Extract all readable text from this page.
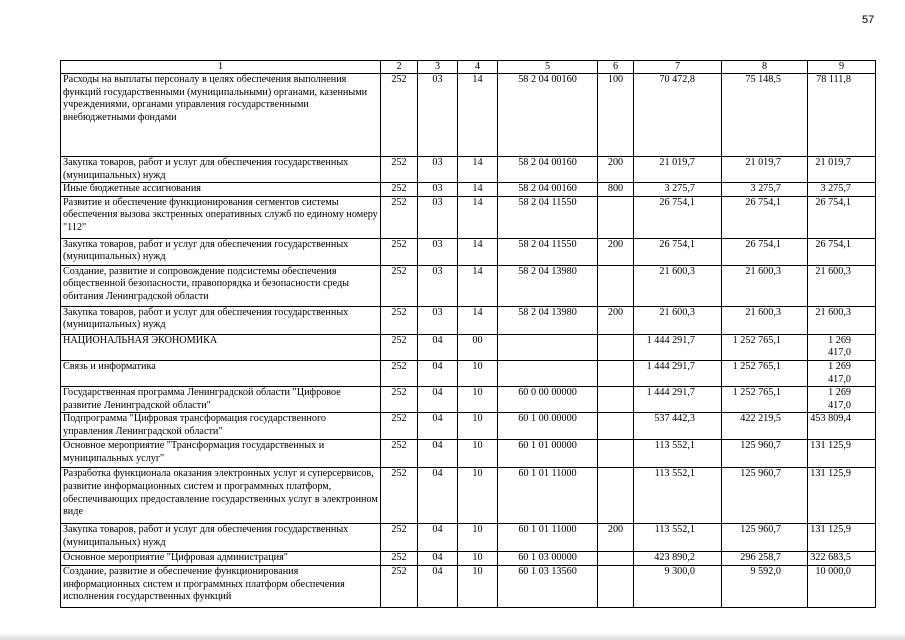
57
1	2	3	4	5	6	7	8	9
Расходы на выплаты персоналу в целях обеспечения выполнения функций государственными (муниципальными) органами, казенными учреждениями, органами управления государственными внебюджетными фондами	252	03	14	58 2 04 00160	100	70 472,8	75 148,5	78 111,8
Закупка товаров, работ и услуг для обеспечения государственных (муниципальных) нужд	252	03	14	58 2 04 00160	200	21 019,7	21 019,7	21 019,7
Иные бюджетные ассигнования	252	03	14	58 2 04 00160	800	3 275,7	3 275,7	3 275,7
Развитие и обеспечение функционирования сегментов системы обеспечения вызова экстренных оперативных служб по единому номеру "112"	252	03	14	58 2 04 11550		26 754,1	26 754,1	26 754,1
Закупка товаров, работ и услуг для обеспечения государственных (муниципальных) нужд	252	03	14	58 2 04 11550	200	26 754,1	26 754,1	26 754,1
Создание, развитие и сопровождение подсистемы обеспечения общественной безопасности, правопорядка и безопасности среды обитания Ленинградской области	252	03	14	58 2 04 13980		21 600,3	21 600,3	21 600,3
Закупка товаров, работ и услуг для обеспечения государственных (муниципальных) нужд	252	03	14	58 2 04 13980	200	21 600,3	21 600,3	21 600,3
НАЦИОНАЛЬНАЯ ЭКОНОМИКА	252	04	00			1 444 291,7	1 252 765,1	1 269 417,0
Связь и информатика	252	04	10			1 444 291,7	1 252 765,1	1 269 417,0
Государственная программа Ленинградской области "Цифровое развитие Ленинградской области"	252	04	10	60 0 00 00000		1 444 291,7	1 252 765,1	1 269 417,0
Подпрограмма "Цифровая трансформация государственного управления Ленинградской области"	252	04	10	60 1 00 00000		537 442,3	422 219,5	453 809,4
Основное мероприятие "Трансформация государственных и муниципальных услуг"	252	04	10	60 1 01 00000		113 552,1	125 960,7	131 125,9
Разработка функционала оказания электронных услуг и суперсервисов, развитие информационных систем и программных платформ, обеспечивающих предоставление государственных услуг в электронном виде	252	04	10	60 1 01 11000		113 552,1	125 960,7	131 125,9
Закупка товаров, работ и услуг для обеспечения государственных (муниципальных) нужд	252	04	10	60 1 01 11000	200	113 552,1	125 960,7	131 125,9
Основное мероприятие "Цифровая администрация"	252	04	10	60 1 03 00000		423 890,2	296 258,7	322 683,5
Создание, развитие и обеспечение функционирования информационных систем и программных платформ обеспечения исполнения государственных функций	252	04	10	60 1 03 13560		9 300,0	9 592,0	10 000,0
